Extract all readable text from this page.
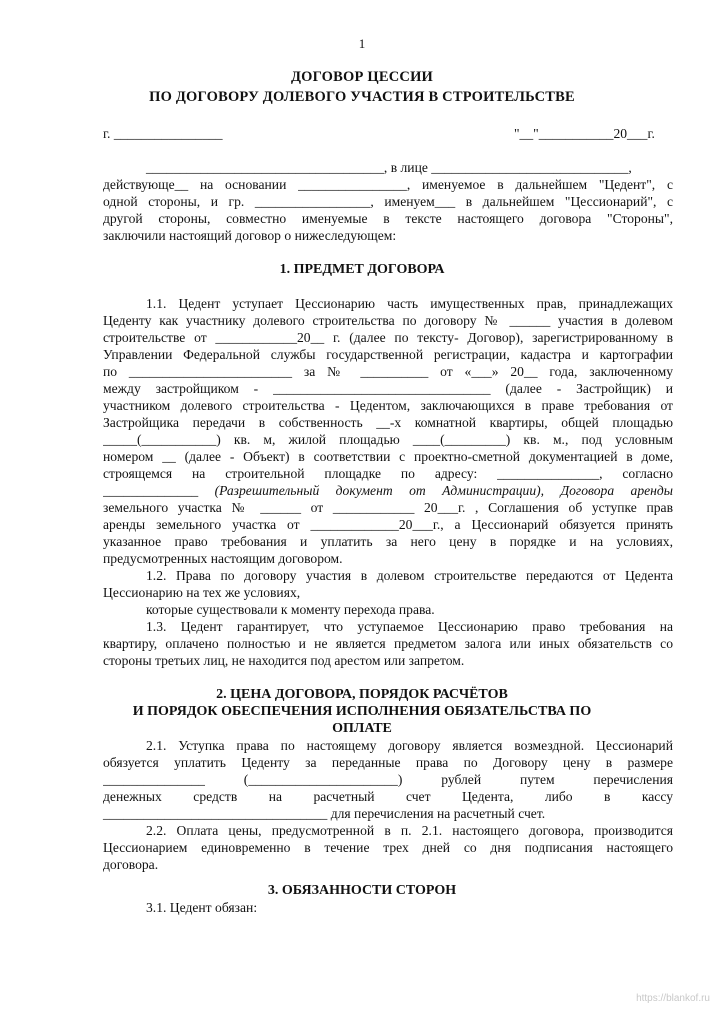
1
ДОГОВОР ЦЕССИИ
ПО ДОГОВОРУ ДОЛЕВОГО УЧАСТИЯ В СТРОИТЕЛЬСТВЕ
г. ________________	"__"___________20___г.
___________________________________, в лице _____________________________,
действующе__ на основании ________________, именуемое в дальнейшем "Цедент", с
одной стороны, и гр. _________________, именуем___ в дальнейшем "Цессионарий", с
другой стороны, совместно именуемые в тексте настоящего договора "Стороны",
заключили настоящий договор о нижеследующем:
1. ПРЕДМЕТ ДОГОВОРА
1.1. Цедент уступает Цессионарию часть имущественных прав, принадлежащих
Цеденту как участнику долевого строительства по договору № ______ участия в долевом
строительстве от ____________20__ г. (далее по тексту- Договор), зарегистрированному в
Управлении Федеральной службы государственной регистрации, кадастра и картографии
по ________________________ за № __________ от «___» 20__ года, заключенному
между застройщиком - ________________________________ (далее - Застройщик) и
участником долевого строительства - Цедентом, заключающихся в праве требования от
Застройщика передачи в собственность __-х комнатной квартиры, общей площадью
_____(___________) кв. м, жилой площадью ____(_________) кв. м., под условным
номером __ (далее - Объект) в соответствии с проектно-сметной документацией в доме,
строящемся на строительной площадке по адресу: _______________, согласно
______________ (Разрешительный документ от Администрации), Договора аренды
земельного участка № ______ от ____________ 20___г. , Соглашения об уступке прав
аренды земельного участка от _____________20___г., а Цессионарий обязуется принять
указанное право требования и уплатить за него цену в порядке и на условиях,
предусмотренных настоящим договором.
1.2. Права по договору участия в долевом строительстве передаются от Цедента
Цессионарию на тех же условиях,
которые существовали к моменту перехода права.
1.3. Цедент гарантирует, что уступаемое Цессионарию право требования на
квартиру, оплачено полностью и не является предметом залога или иных обязательств со
стороны третьих лиц, не находится под арестом или запретом.
2. ЦЕНА ДОГОВОРА, ПОРЯДОК РАСЧЁТОВ
И ПОРЯДОК ОБЕСПЕЧЕНИЯ ИСПОЛНЕНИЯ ОБЯЗАТЕЛЬСТВА ПО
ОПЛАТЕ
2.1. Уступка права по настоящему договору является возмездной. Цессионарий
обязуется уплатить Цеденту за переданные права по Договору цену в размере
_______________ (______________________) рублей путем перечисления
денежных средств на расчетный счет Цедента, либо в кассу
_________________________________ для перечисления на расчетный счет.
2.2. Оплата цены, предусмотренной в п. 2.1. настоящего договора, производится
Цессионарием единовременно в течение трех дней со дня подписания настоящего
договора.
3. ОБЯЗАННОСТИ СТОРОН
3.1. Цедент обязан:
https://blankof.ru
